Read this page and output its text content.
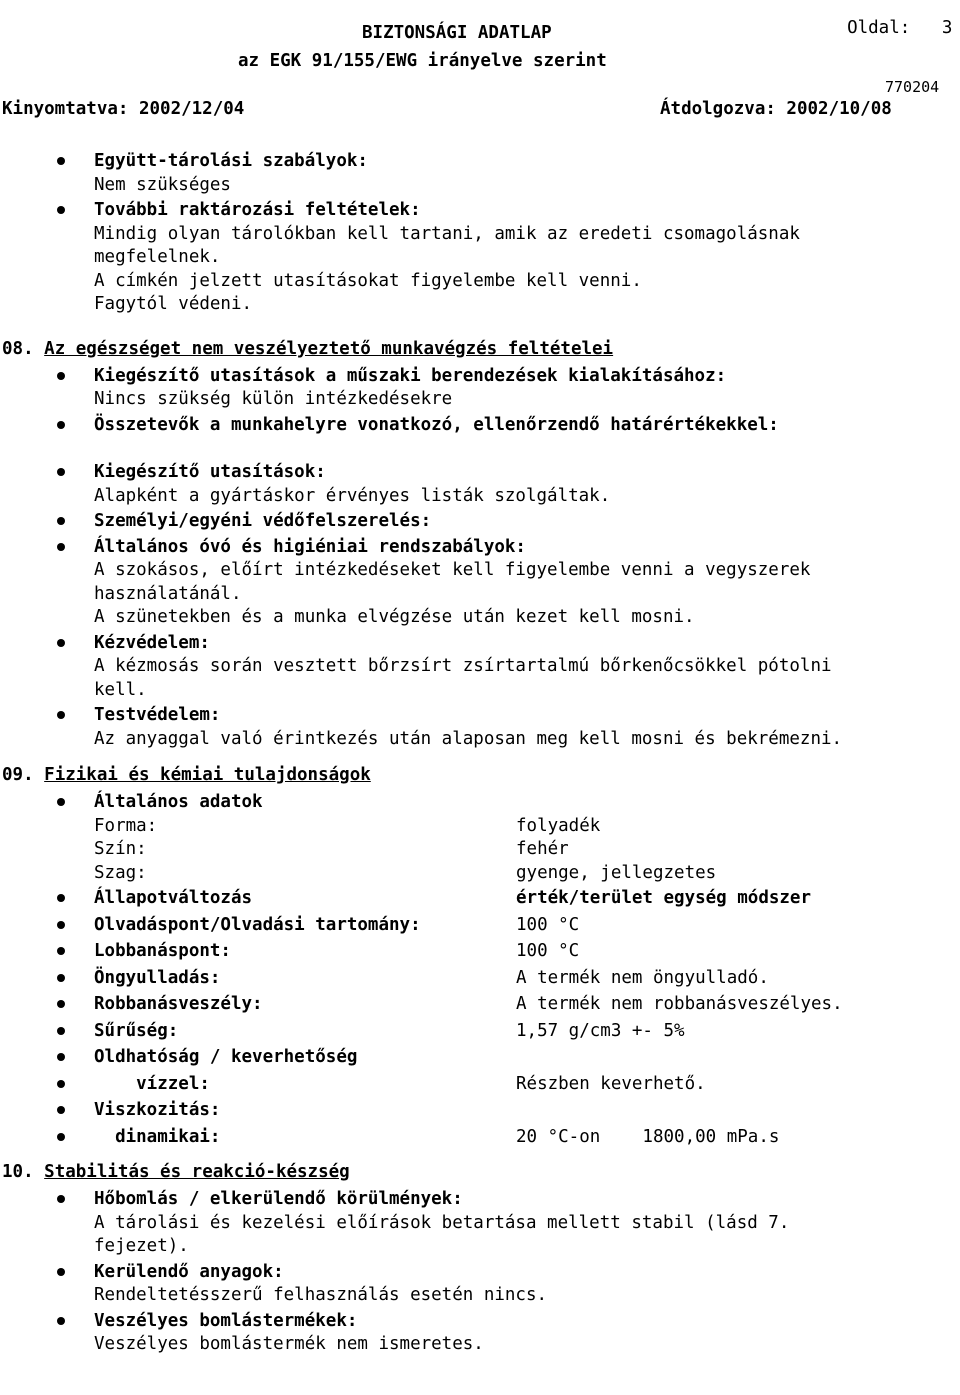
Oldal: 3

BIZTONSÁGI ADATLAP
az EGK 91/155/EWG irányelve szerint
770204
Kinyomtatva: 2002/12/04	Átdolgozva: 2002/10/08
Együtt-tárolási szabályok:
Nem szükséges
További raktározási feltételek:
Mindig olyan tárolókban kell tartani, amik az eredeti csomagolásnak
megfelelnek.
A címkén jelzett utasításokat figyelembe kell venni.
Fagytól védeni.
08. Az egészséget nem veszélyeztető munkavégzés feltételei
Kiegészítő utasítások a műszaki berendezések kialakításához:
Nincs szükség külön intézkedésekre
Összetevők a munkahelyre vonatkozó, ellenőrzendő határértékekkel:
Kiegészítő utasítások:
Alapként a gyártáskor érvényes listák szolgáltak.
Személyi/egyéni védőfelszerelés:
Általános óvó és higiéniai rendszabályok:
A szokásos, előírt intézkedéseket kell figyelembe venni a vegyszerek
használatánál.
A szünetekben és a munka elvégzése után kezet kell mosni.
Kézvédelem:
A kézmosás során vesztett bőrzsírt zsírtartalmú bőrkenőcsökkel pótolni
kell.
Testvédelem:
Az anyaggal való érintkezés után alaposan meg kell mosni és bekrémezni.
09. Fizikai és kémiai tulajdonságok
Általános adatok
Forma:	folyadék
Szín:	fehér
Szag:	gyenge, jellegzetes
Állapotváltozás	érték/terület egység módszer
Olvadáspont/Olvadási tartomány:	100 °C
Lobbanáspont:	100 °C
Öngyulladás:	A termék nem öngyulladó.
Robbanásveszély:	A termék nem robbanásveszélyes.
Sűrűség:	1,57 g/cm3 +- 5%
Oldhatóság / keverhetőség
vízzel:	Részben keverhető.
Viszkozitás:
dinamikai:	20 °C-on    1800,00 mPa.s
10. Stabilitás és reakció-készség
Hőbomlás / elkerülendő körülmények:
A tárolási és kezelési előírások betartása mellett stabil (lásd 7.
fejezet).
Kerülendő anyagok:
Rendeltetésszerű felhasználás esetén nincs.
Veszélyes bomlástermékek:
Veszélyes bomlástermék nem ismeretes.
